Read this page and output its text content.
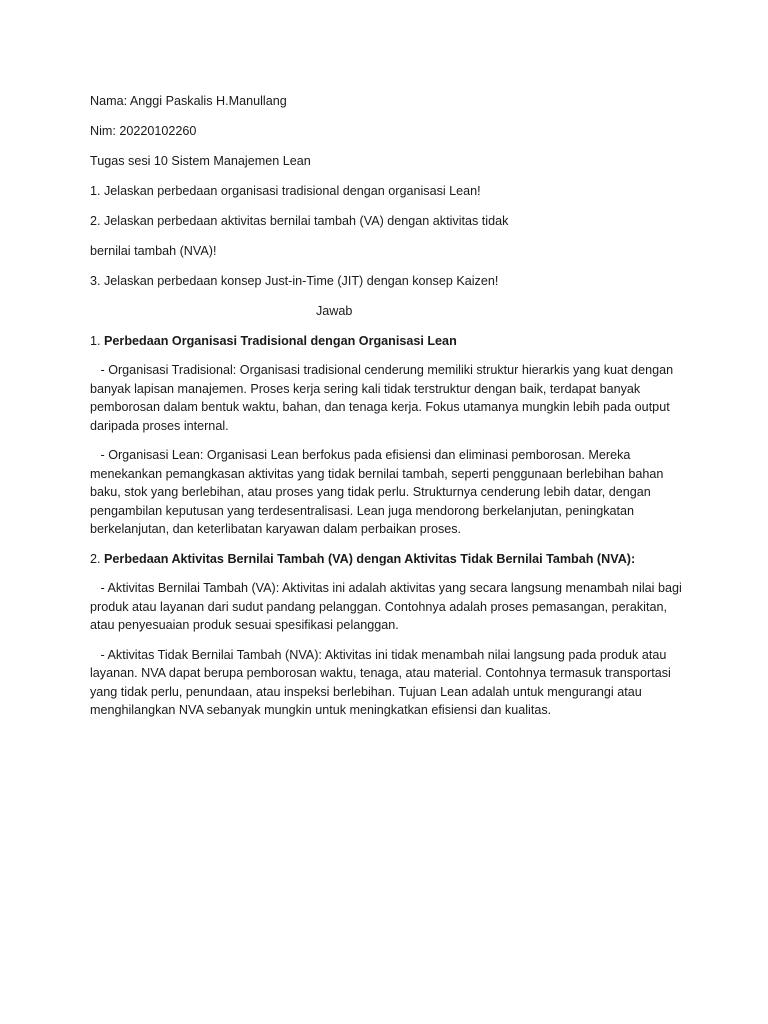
Nama: Anggi Paskalis H.Manullang

Nim: 20220102260

Tugas sesi 10 Sistem Manajemen Lean

1. Jelaskan perbedaan organisasi tradisional dengan organisasi Lean!

2. Jelaskan perbedaan aktivitas bernilai tambah (VA) dengan aktivitas tidak

bernilai tambah (NVA)!

3. Jelaskan perbedaan konsep Just-in-Time (JIT) dengan konsep Kaizen!

Jawab

1. Perbedaan Organisasi Tradisional dengan Organisasi Lean

- Organisasi Tradisional: Organisasi tradisional cenderung memiliki struktur hierarkis yang kuat dengan banyak lapisan manajemen. Proses kerja sering kali tidak terstruktur dengan baik, terdapat banyak pemborosan dalam bentuk waktu, bahan, dan tenaga kerja. Fokus utamanya mungkin lebih pada output daripada proses internal.

- Organisasi Lean: Organisasi Lean berfokus pada efisiensi dan eliminasi pemborosan. Mereka menekankan pemangkasan aktivitas yang tidak bernilai tambah, seperti penggunaan berlebihan bahan baku, stok yang berlebihan, atau proses yang tidak perlu. Strukturnya cenderung lebih datar, dengan pengambilan keputusan yang terdesentralisasi. Lean juga mendorong berkelanjutan, peningkatan berkelanjutan, dan keterlibatan karyawan dalam perbaikan proses.

2. Perbedaan Aktivitas Bernilai Tambah (VA) dengan Aktivitas Tidak Bernilai Tambah (NVA):

- Aktivitas Bernilai Tambah (VA): Aktivitas ini adalah aktivitas yang secara langsung menambah nilai bagi produk atau layanan dari sudut pandang pelanggan. Contohnya adalah proses pemasangan, perakitan, atau penyesuaian produk sesuai spesifikasi pelanggan.

- Aktivitas Tidak Bernilai Tambah (NVA): Aktivitas ini tidak menambah nilai langsung pada produk atau layanan. NVA dapat berupa pemborosan waktu, tenaga, atau material. Contohnya termasuk transportasi yang tidak perlu, penundaan, atau inspeksi berlebihan. Tujuan Lean adalah untuk mengurangi atau menghilangkan NVA sebanyak mungkin untuk meningkatkan efisiensi dan kualitas.
